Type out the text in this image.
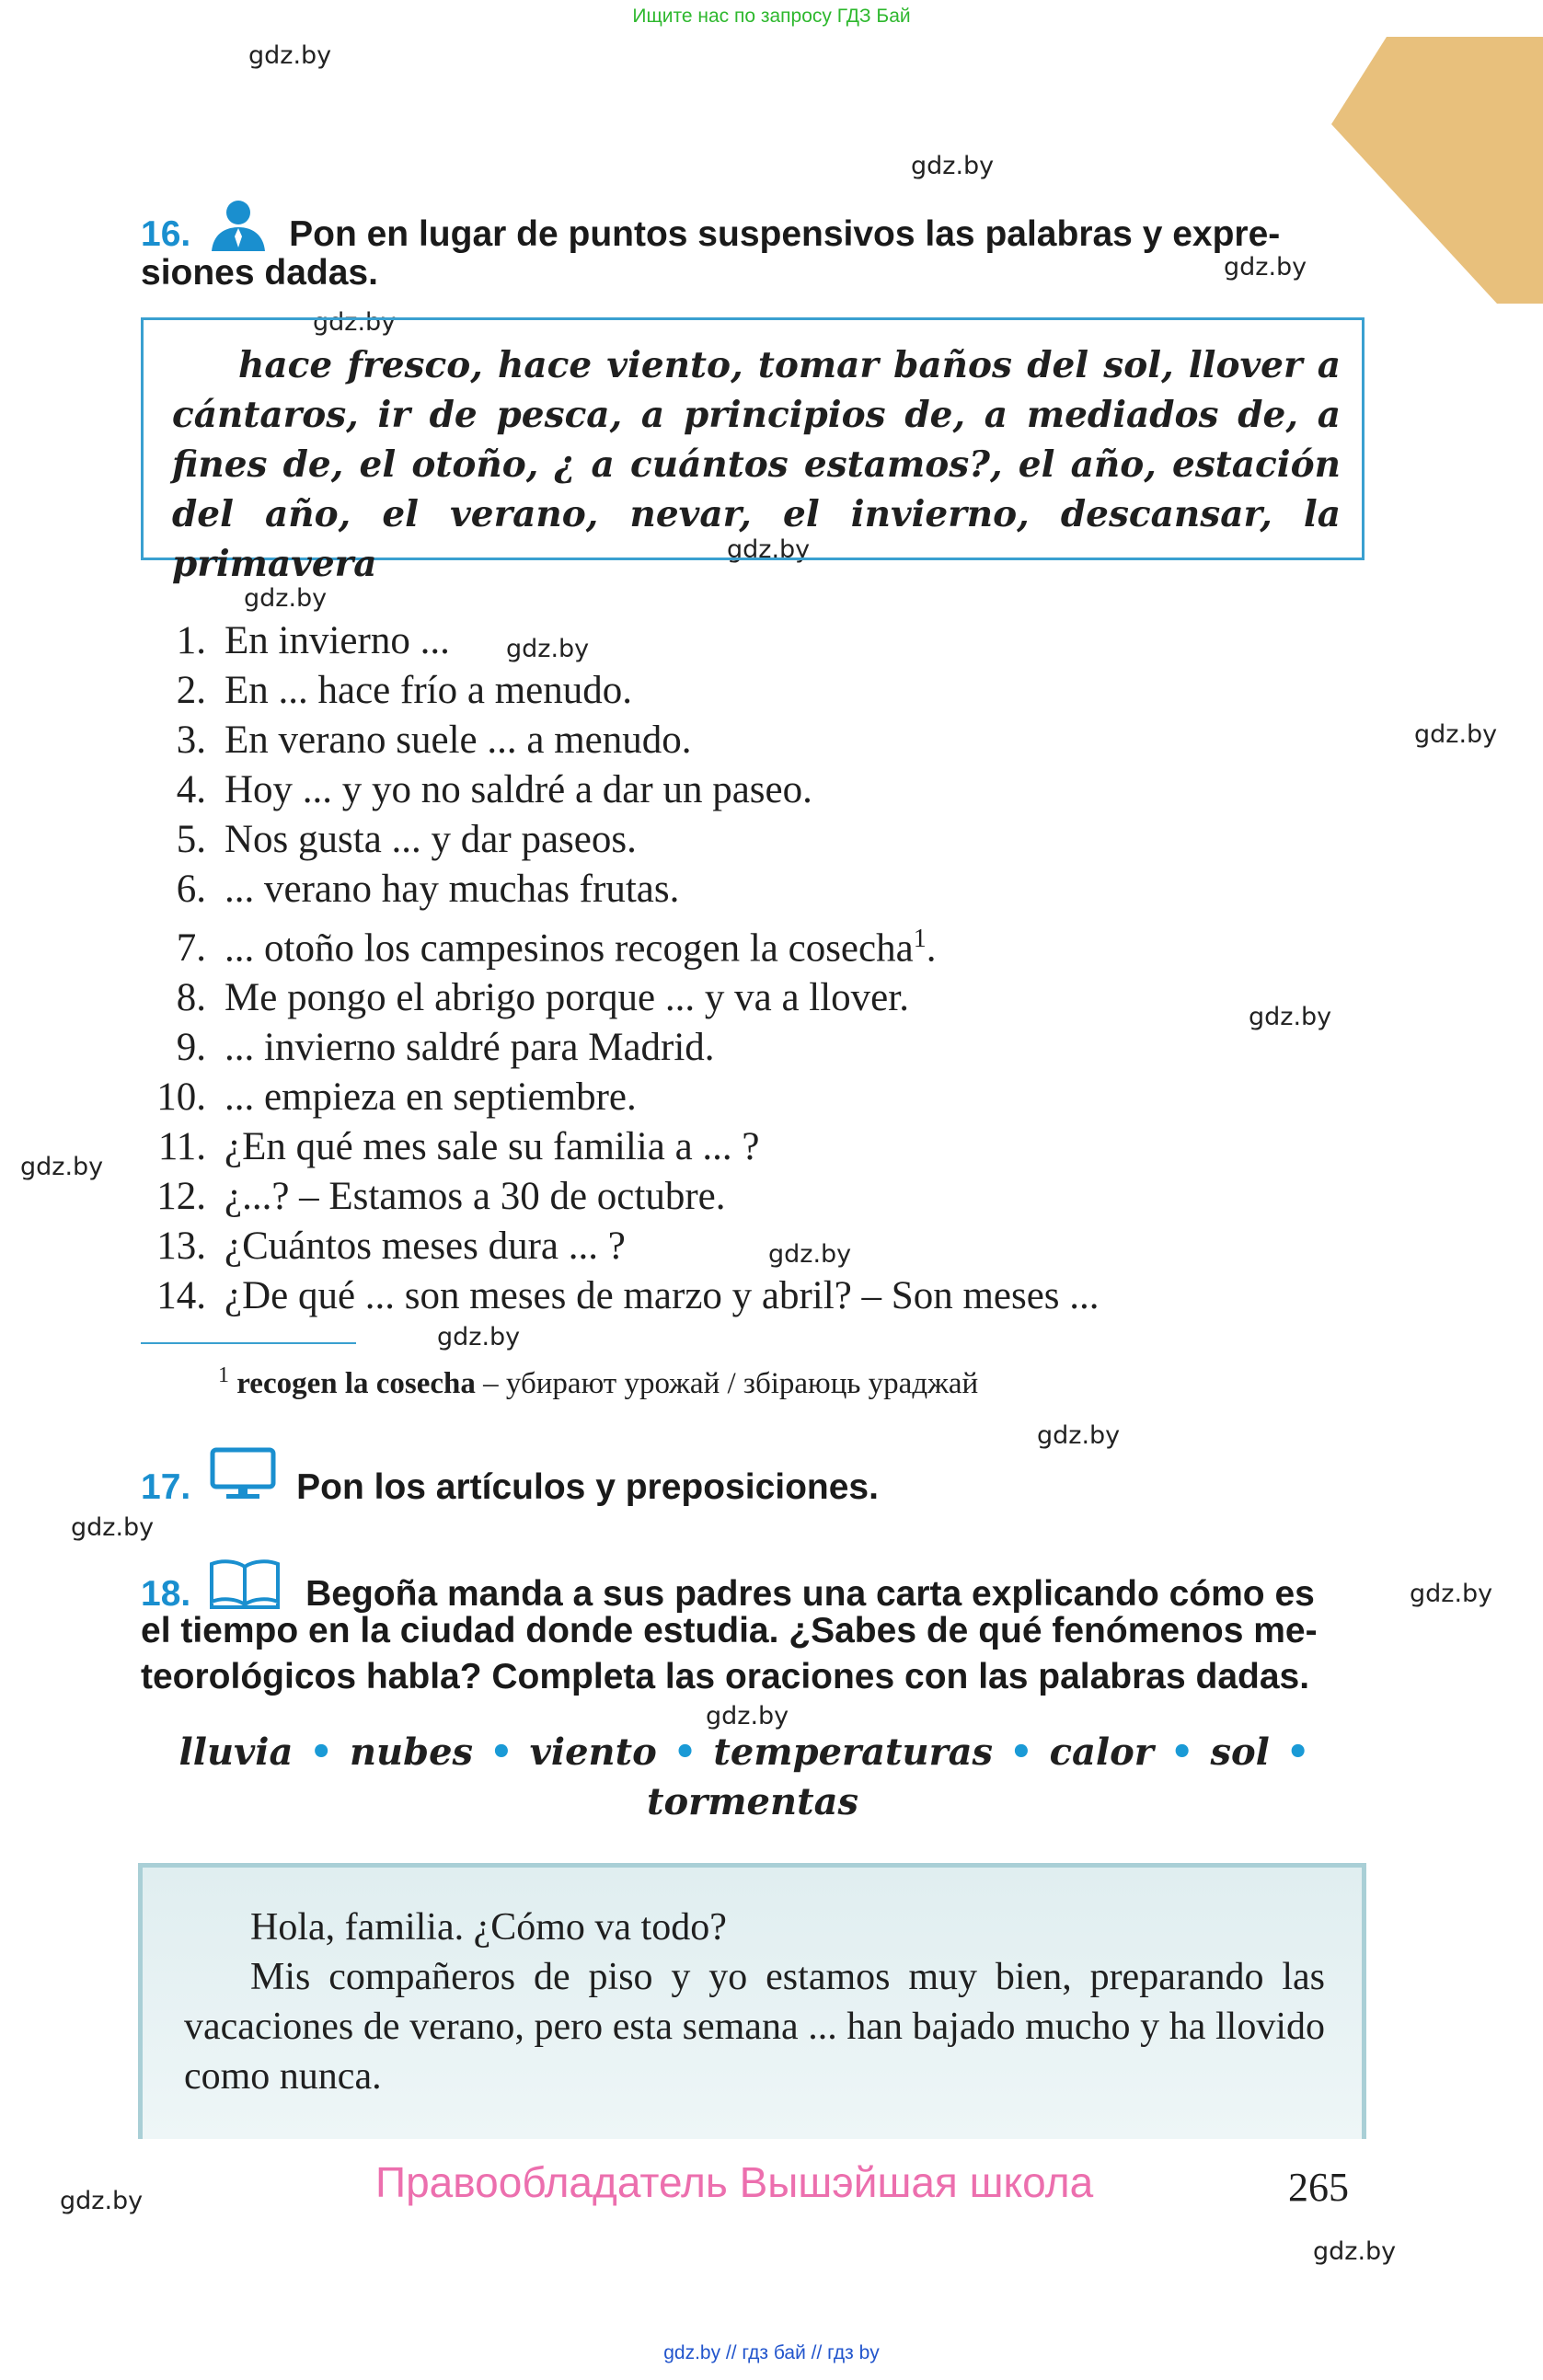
Ищите нас по запросу ГДЗ Бай
gdz.by
gdz.by
gdz.by
gdz.by
gdz.by
gdz.by
gdz.by
gdz.by
gdz.by
gdz.by
gdz.by
gdz.by
gdz.by
gdz.by
gdz.by
gdz.by
gdz.by
gdz.by
16.	Pon en lugar de puntos suspensivos las palabras y expre-
siones dadas.
hace fresco, hace viento, tomar baños del sol, llover a cántaros, ir de pesca, a principios de, a mediados de, a fines de, el otoño, ¿ a cuántos estamos?, el año, estación del año, el verano, nevar, el invierno, descansar, la primavera
1. En invierno ...
2. En ... hace frío a menudo.
3. En verano suele ... a menudo.
4. Hoy ... y yo no saldré a dar un paseo.
5. Nos gusta ... y dar paseos.
6. ... verano hay muchas frutas.
7. ... otoño los campesinos recogen la cosecha$^1$.
8. Me pongo el abrigo porque ... y va a llover.
9. ... invierno saldré para Madrid.
10. ... empieza en septiembre.
11. ¿En qué mes sale su familia a ... ?
12. ¿...? – Estamos a 30 de octubre.
13. ¿Cuántos meses dura ... ?
14. ¿De qué ... son meses de marzo y abril? – Son meses ...
$^1$ recogen la cosecha – убирают урожай / збіраюць ураджай
17.	Pon los artículos y preposiciones.
18.	Begoña manda a sus padres una carta explicando cómo es
el tiempo en la ciudad donde estudia. ¿Sabes de qué fenómenos me-
teorológicos habla? Completa las oraciones con las palabras dadas.
lluvia • nubes • viento • temperaturas • calor • sol •
tormentas

Hola, familia. ¿Cómo va todo?

Mis compañeros de piso y yo estamos muy bien, preparando las vacaciones de verano, pero esta semana ... han bajado mucho y ha llovido como nunca.

Правообладатель Вышэйшая школа	265
gdz.by // гдз бай // гдз by
